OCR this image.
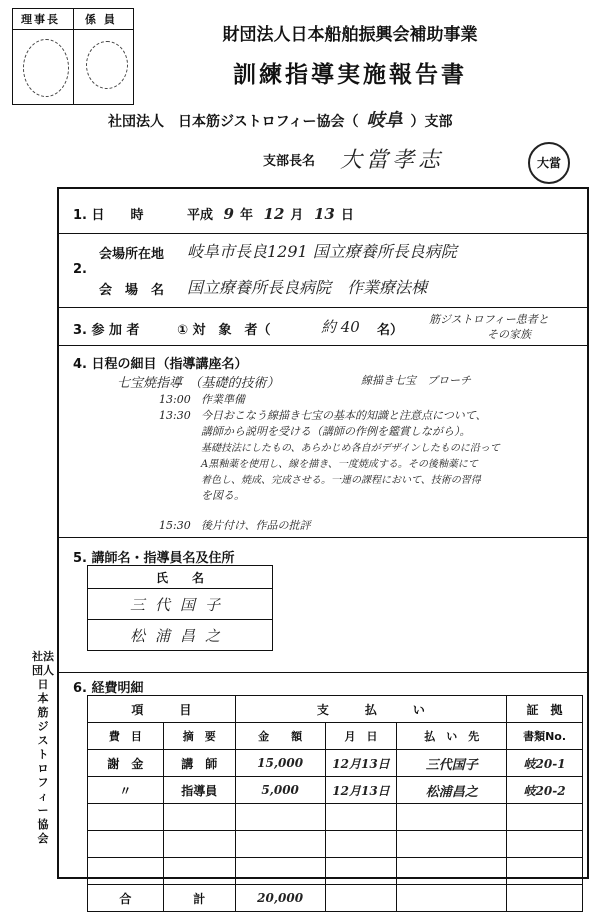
理事長 係 員
財団法人日本船舶振興会補助事業
訓練指導実施報告書
社団法人　日本筋ジストロフィー協会（ 岐阜 ）支部
支部長名 大當孝志	大當
1. 日　　時	平成 9 年 12 月 13 日
2.
会場所在地 岐阜市長良1291 国立療養所長良病院
会　場　名 国立療養所長良病院　作業療法棟
3. 参 加 者	① 対　象　者（	約 40 名）
筋ジストロフィー患者と
その家族
4. 日程の細目（指導講座名）
七宝焼指導　（基礎的技術）	線描き七宝　ブローチ
13:00 作業準備
13:30 今日おこなう線描き七宝の基本的知識と注意点について、
講師から説明を受ける（講師の作例を鑑賞しながら）。
基礎技法にしたもの、あらかじめ各自がデザインしたものに沿って
A黒釉薬を使用し、線を描き、一度焼成する。その後釉薬にて
着色し、焼成、完成させる。一連の課程において、技術の習得
を図る。
15:30 後片付け、作品の批評
5. 講師名・指導員名及住所
氏　　名
三代国子
松浦昌之
6. 経費明細
項　　　目		支　　　払　　　い			証　拠
費　目	摘　要	金　　額	月　日	払　い　先	書類No.
謝　金	講　師	15,000	12月13日	三代国子	岐20-1
〃	指導員	5,000	12月13日	松浦昌之	岐20-2

合	計	20,000			
社法
団人
日
本
筋
ジ
ス
ト
ロ
フ
ィ
ー
協
会
